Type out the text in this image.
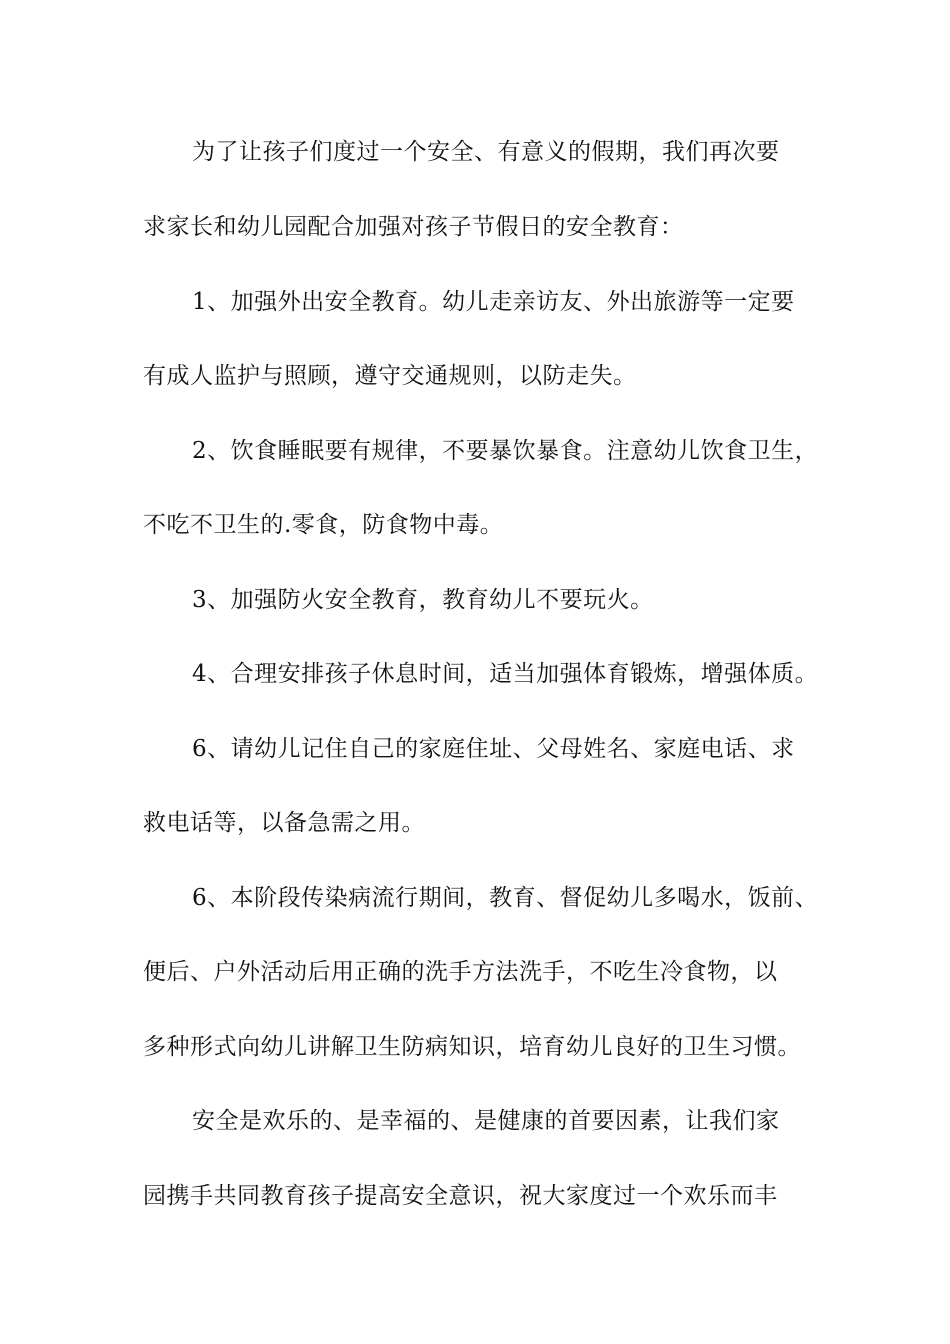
为了让孩子们度过一个安全、有意义的假期，我们再次要
求家长和幼儿园配合加强对孩子节假日的安全教育：
1、加强外出安全教育。幼儿走亲访友、外出旅游等一定要
有成人监护与照顾，遵守交通规则，以防走失。
2、饮食睡眠要有规律，不要暴饮暴食。注意幼儿饮食卫生，
不吃不卫生的.零食，防食物中毒。
3、加强防火安全教育，教育幼儿不要玩火。
4、合理安排孩子休息时间，适当加强体育锻炼，增强体质。
6、请幼儿记住自己的家庭住址、父母姓名、家庭电话、求
救电话等，以备急需之用。
6、本阶段传染病流行期间，教育、督促幼儿多喝水，饭前、
便后、户外活动后用正确的洗手方法洗手，不吃生冷食物，以
多种形式向幼儿讲解卫生防病知识，培育幼儿良好的卫生习惯。
安全是欢乐的、是幸福的、是健康的首要因素，让我们家
园携手共同教育孩子提高安全意识，祝大家度过一个欢乐而丰
